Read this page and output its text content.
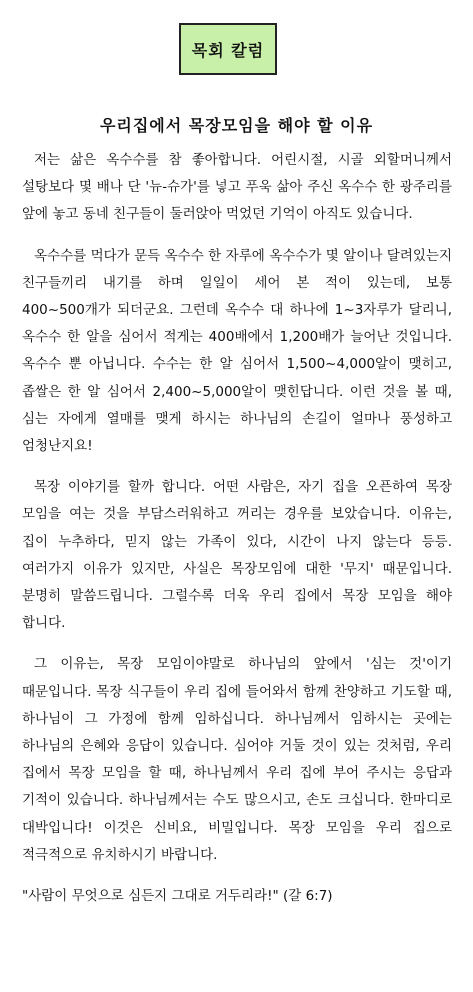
목회 칼럼
우리집에서 목장모임을 해야 할 이유

저는 삶은 옥수수를 참 좋아합니다. 어린시절, 시골 외할머니께서 설탕보다 몇 배나 단 '뉴-슈가'를 넣고 푸욱 삶아 주신 옥수수 한 광주리를 앞에 놓고 동네 친구들이 둘러앉아 먹었던 기억이 아직도 있습니다.

옥수수를 먹다가 문득 옥수수 한 자루에 옥수수가 몇 알이나 달려있는지 친구들끼리 내기를 하며 일일이 세어 본 적이 있는데, 보통 400~500개가 되더군요. 그런데 옥수수 대 하나에 1~3자루가 달리니, 옥수수 한 알을 심어서 적게는 400배에서 1,200배가 늘어난 것입니다. 옥수수 뿐 아닙니다. 수수는 한 알 심어서 1,500~4,000알이 맺히고, 좁쌀은 한 알 심어서 2,400~5,000알이 맺힌답니다. 이런 것을 볼 때, 심는 자에게 열매를 맺게 하시는 하나님의 손길이 얼마나 풍성하고 엄청난지요!

목장 이야기를 할까 합니다. 어떤 사람은, 자기 집을 오픈하여 목장 모임을 여는 것을 부담스러워하고 꺼리는 경우를 보았습니다. 이유는, 집이 누추하다, 믿지 않는 가족이 있다, 시간이 나지 않는다 등등. 여러가지 이유가 있지만, 사실은 목장모임에 대한 '무지' 때문입니다. 분명히 말씀드립니다. 그럴수록 더욱 우리 집에서 목장 모임을 해야 합니다.

그 이유는, 목장 모임이야말로 하나님의 앞에서 '심는 것'이기 때문입니다. 목장 식구들이 우리 집에 들어와서 함께 찬양하고 기도할 때, 하나님이 그 가정에 함께 임하십니다. 하나님께서 임하시는 곳에는 하나님의 은혜와 응답이 있습니다. 심어야 거둘 것이 있는 것처럼, 우리 집에서 목장 모임을 할 때, 하나님께서 우리 집에 부어 주시는 응답과 기적이 있습니다. 하나님께서는 수도 많으시고, 손도 크십니다. 한마디로 대박입니다! 이것은 신비요, 비밀입니다. 목장 모임을 우리 집으로 적극적으로 유치하시기 바랍니다.

"사람이 무엇으로 심든지 그대로 거두리라!" (갈 6:7)
